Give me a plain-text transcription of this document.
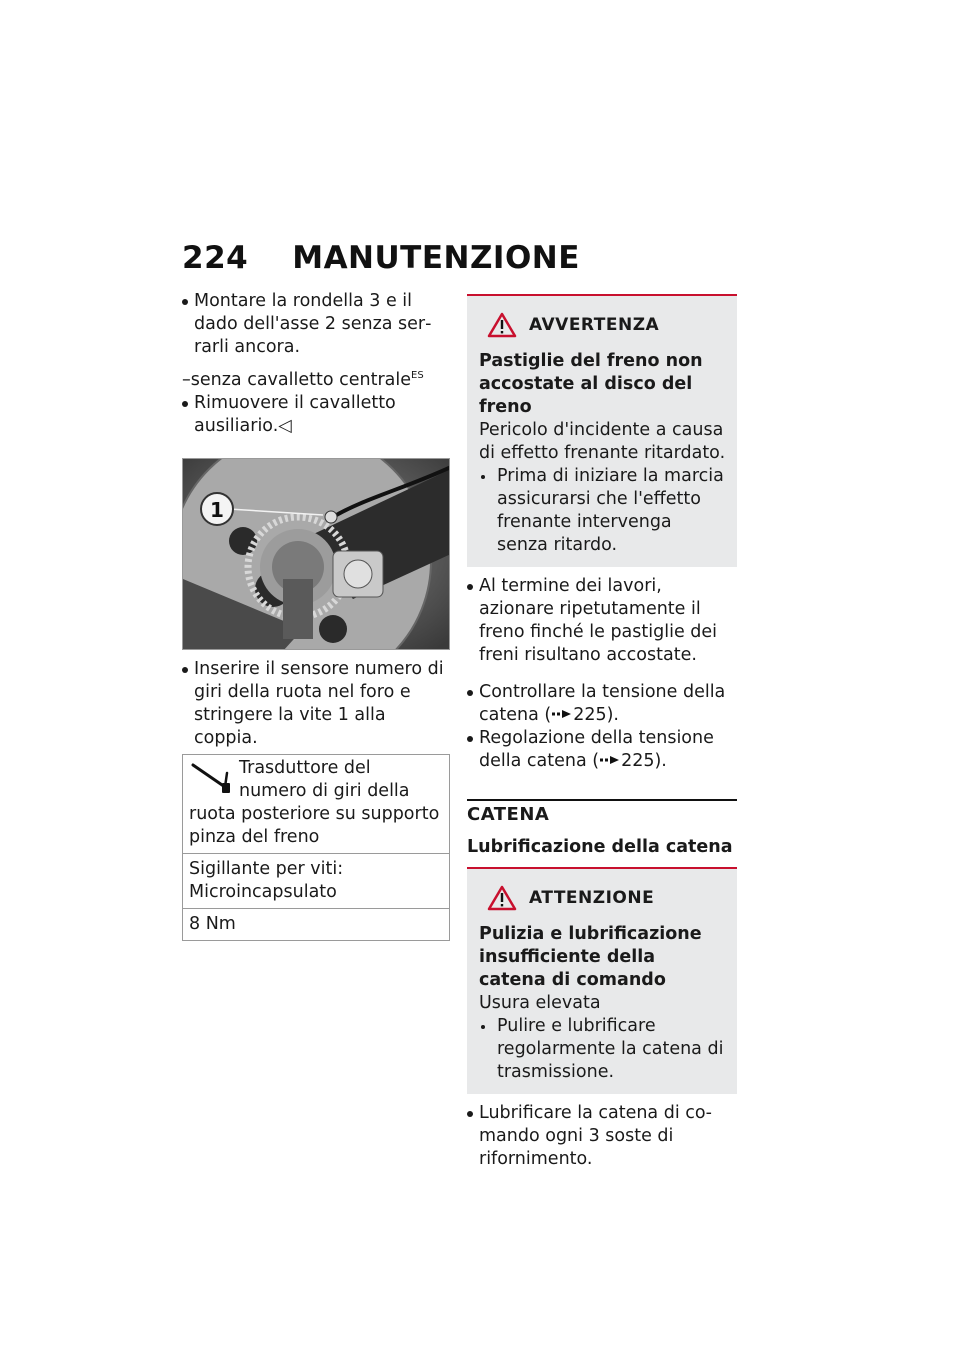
224 MANUTENZIONE

Montare la rondella 3 e il dado dell'asse 2 senza serrarli ancora.

–senza cavalletto centrale$^{ES}$

Rimuovere il cavalletto ausiliario.◁

1

Inserire il sensore numero di giri della ruota nel foro e stringere la vite 1 alla coppia.

Trasduttore del numero di giri della ruota posteriore su supporto pinza del freno
Sigillante per viti: Microincapsulato
8 Nm
AVVERTENZA

Pastiglie del freno non accostate al disco del freno

Pericolo d'incidente a causa di effetto frenante ritardato.

Prima di iniziare la marcia assicurarsi che l'effetto frenante intervenga senza ritardo.

Al termine dei lavori, azionare ripetutamente il freno finché le pastiglie dei freni risultano accostate.

Controllare la tensione della catena ( 225).

Regolazione della tensione della catena ( 225).

CATENA

Lubrificazione della catena

ATTENZIONE

Pulizia e lubrificazione insufficiente della catena di comando

Usura elevata

Pulire e lubrificare regolarmente la catena di trasmissione.

Lubrificare la catena di comando ogni 3 soste di rifornimento.
